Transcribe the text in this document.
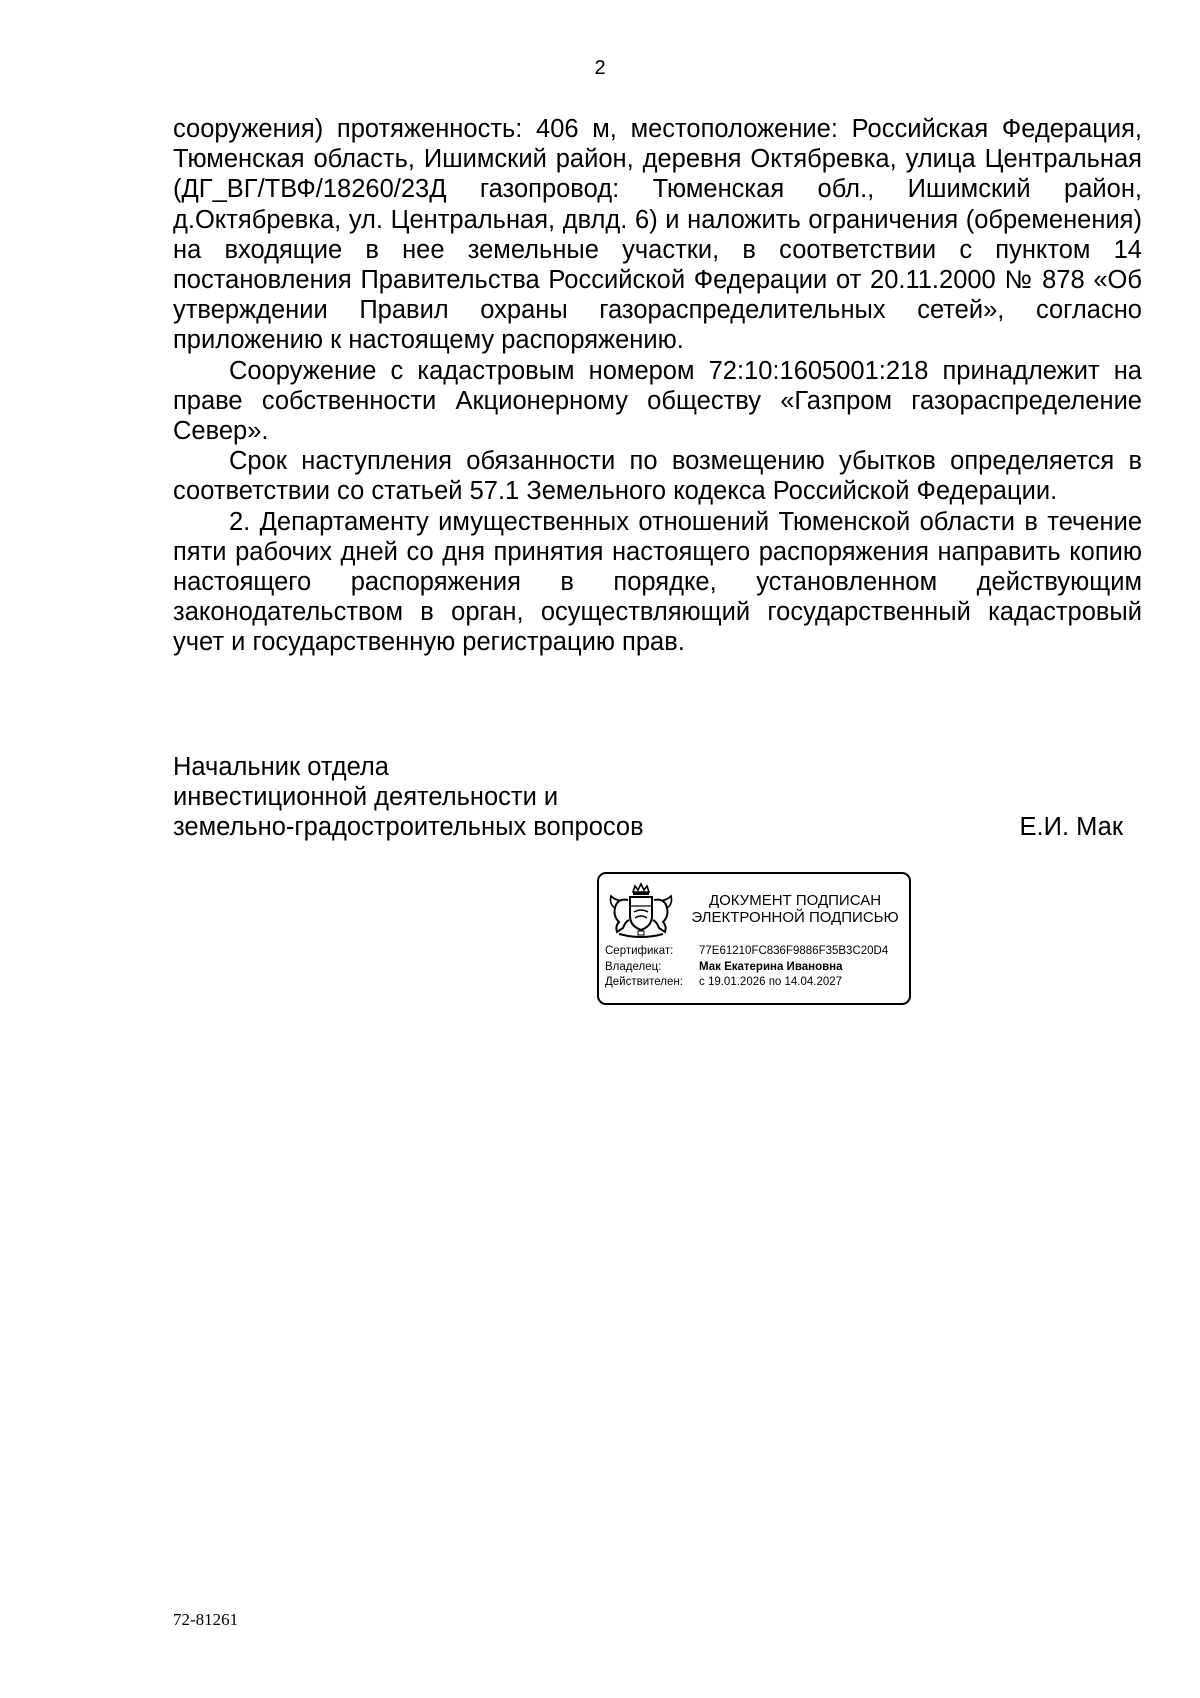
2

сооружения) протяженность: 406 м, местоположение: Российская Федерация, Тюменская область, Ишимский район, деревня Октябревка, улица Центральная (ДГ_ВГ/ТВФ/18260/23Д газопровод: Тюменская обл., Ишимский район, д.Октябревка, ул. Центральная, двлд. 6) и наложить ограничения (обременения) на входящие в нее земельные участки, в соответствии с пунктом 14 постановления Правительства Российской Федерации от 20.11.2000 № 878 «Об утверждении Правил охраны газораспределительных сетей», согласно приложению к настоящему распоряжению.

Сооружение с кадастровым номером 72:10:1605001:218 принадлежит на праве собственности Акционерному обществу «Газпром газораспределение Север».

Срок наступления обязанности по возмещению убытков определяется в соответствии со статьей 57.1 Земельного кодекса Российской Федерации.

2. Департаменту имущественных отношений Тюменской области в течение пяти рабочих дней со дня принятия настоящего распоряжения направить копию настоящего распоряжения в порядке, установленном действующим законодательством в орган, осуществляющий государственный кадастровый учет и государственную регистрацию прав.

Начальник отдела
инвестиционной деятельности и
земельно-градостроительных вопросов	Е.И. Мак
ДОКУМЕНТ ПОДПИСАН
ЭЛЕКТРОННОЙ ПОДПИСЬЮ
Сертификат:	77E61210FC836F9886F35B3C20D4
Владелец:	Мак Екатерина Ивановна
Действителен:	с 19.01.2026 по 14.04.2027
72-81261
